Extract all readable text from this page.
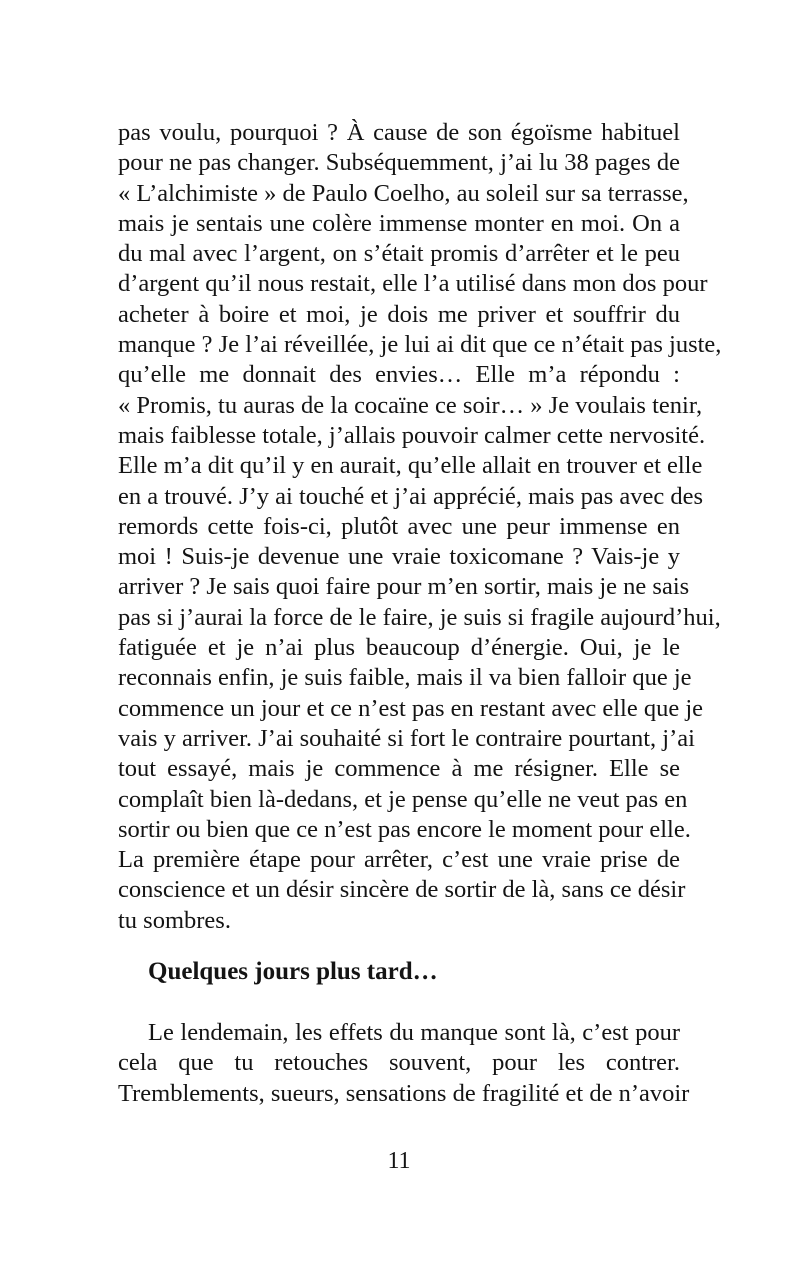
pas voulu, pourquoi ? À cause de son égoïsme habituel
pour ne pas changer. Subséquemment, j’ai lu 38 pages de
« L’alchimiste » de Paulo Coelho, au soleil sur sa terrasse,
mais je sentais une colère immense monter en moi. On a
du mal avec l’argent, on s’était promis d’arrêter et le peu
d’argent qu’il nous restait, elle l’a utilisé dans mon dos pour
acheter à boire et moi, je dois me priver et souffrir du
manque ? Je l’ai réveillée, je lui ai dit que ce n’était pas juste,
qu’elle me donnait des envies… Elle m’a répondu :
« Promis, tu auras de la cocaïne ce soir… » Je voulais tenir,
mais faiblesse totale, j’allais pouvoir calmer cette nervosité.
Elle m’a dit qu’il y en aurait, qu’elle allait en trouver et elle
en a trouvé. J’y ai touché et j’ai apprécié, mais pas avec des
remords cette fois-ci, plutôt avec une peur immense en
moi ! Suis-je devenue une vraie toxicomane ? Vais-je y
arriver ? Je sais quoi faire pour m’en sortir, mais je ne sais
pas si j’aurai la force de le faire, je suis si fragile aujourd’hui,
fatiguée et je n’ai plus beaucoup d’énergie. Oui, je le
reconnais enfin, je suis faible, mais il va bien falloir que je
commence un jour et ce n’est pas en restant avec elle que je
vais y arriver. J’ai souhaité si fort le contraire pourtant, j’ai
tout essayé, mais je commence à me résigner. Elle se
complaît bien là-dedans, et je pense qu’elle ne veut pas en
sortir ou bien que ce n’est pas encore le moment pour elle.
La première étape pour arrêter, c’est une vraie prise de
conscience et un désir sincère de sortir de là, sans ce désir
tu sombres.
Quelques jours plus tard…
Le lendemain, les effets du manque sont là, c’est pour
cela que tu retouches souvent, pour les contrer.
Tremblements, sueurs, sensations de fragilité et de n’avoir
11
